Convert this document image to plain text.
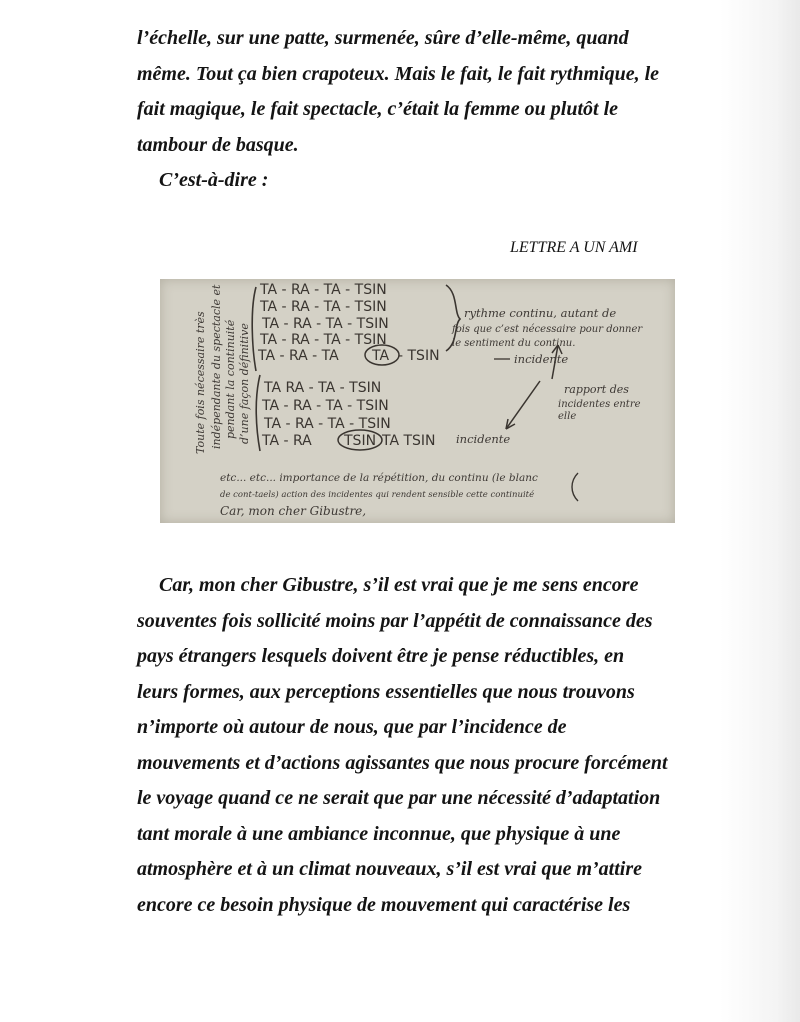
l’échelle, sur une patte, surmenée, sûre d’elle-même, quand
même. Tout ça bien crapoteux. Mais le fait, le fait rythmique, le
fait magique, le fait spectacle, c’était la femme ou plutôt le
tambour de basque.
C’est-à-dire :

LETTRE A UN AMI
Toute fois nécessaire très indépendante du spectacle et pendant la continuité d’une façon définitive
TA - RA - TA - TSIN
TA - RA - TA - TSIN
TA - RA - TA - TSIN
TA - RA - TA - TSIN
TA - RA - TA TA - TSIN
TA RA - TA - TSIN
TA - RA - TA - TSIN
TA - RA - TA - TSIN
TA - RA TSIN TA TSIN
rythme continu, autant de
fois que c’est nécessaire pour donner
le sentiment du continu.
incidente
rapport des
incidentes entre
elle
incidente
etc... etc... importance de la répétition, du continu (le blanc
de cont-taels) action des incidentes qui rendent sensible cette continuité
Car, mon cher Gibustre,

Car, mon cher Gibustre, s’il est vrai que je me sens encore
souventes fois sollicité moins par l’appétit de connaissance des
pays étrangers lesquels doivent être je pense réductibles, en
leurs formes, aux perceptions essentielles que nous trouvons
n’importe où autour de nous, que par l’incidence de
mouvements et d’actions agissantes que nous procure forcément
le voyage quand ce ne serait que par une nécessité d’adaptation
tant morale à une ambiance inconnue, que physique à une
atmosphère et à un climat nouveaux, s’il est vrai que m’attire
encore ce besoin physique de mouvement qui caractérise les
